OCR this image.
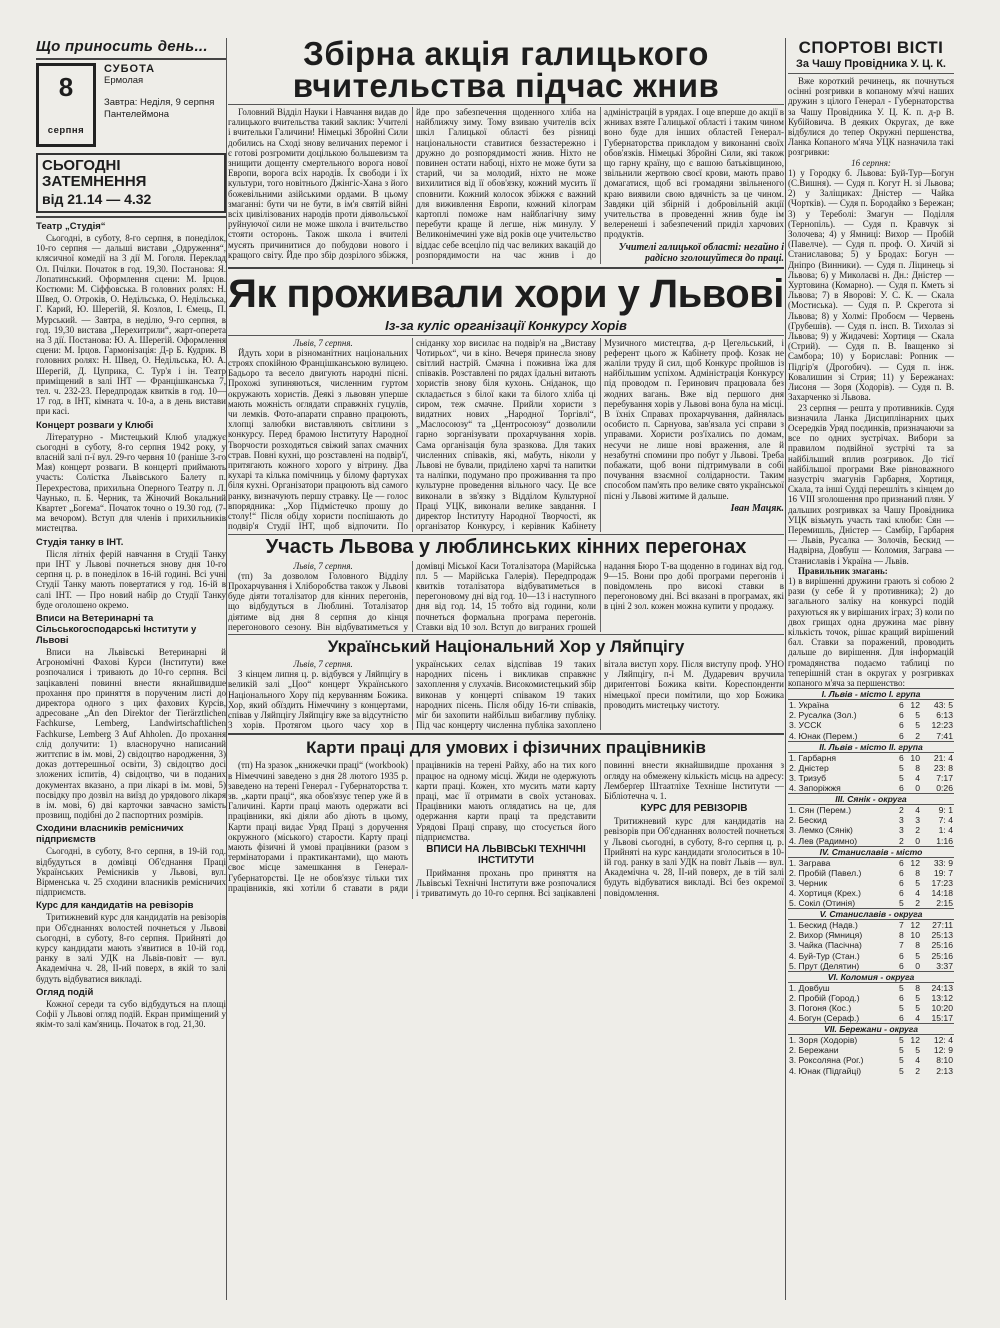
Що приносить день...
8
серпня
СУБОТА
Ермолая
Завтра: Неділя, 9 серпня
Пантелеймона
СЬОГОДНІ
ЗАТЕМНЕННЯ
від 21.14 — 4.32
Театр „Студія“
Сьогодні, в суботу, 8-го серпня, в понеділок, 10-го серпня — дальші вистави „Одруження“, клясичної комедії на 3 дії М. Гоголя. Переклад Ол. Пчілки. Початок в год. 19,30. Постанова: Я. Лопатинський. Оформлення сцени: М. Ірцов. Костюми: М. Сіффовська. В головних ролях: Н. Швед, О. Отроків, О. Недільська, О. Недільська, Г. Карий, Ю. Шерегій, Я. Козлов, І. Ємець, П. Мурський. — Завтра, в неділю, 9-го серпня, в год. 19,30 вистава „Перехитрили“, жарт-оперета на 3 дії. Постанова: Ю. А. Шерегій. Оформлення сцени: М. Ірцов. Гармонізація: Д-р Б. Кудрик. В головних ролях: Н. Швед, О. Недільська, Ю. А. Шерегій, Д. Цуприка, С. Тур'я і ін. Театр приміщений в залі ІНТ — Францішканська 7, тел. ч. 232-23. Передпродаж квитків в год. 10—17 год. в ІНТ, кімната ч. 10-а, а в день вистави при касі.
Концерт розваги у Клюбі
Літературно - Мистецький Клюб уладжує сьогодні в суботу, 8-го серпня 1942 року, у власній залі п-ї вул. 29-го червня 10 (раніше 3-го Мая) концерт розваги. В концерті приймають участь: Солістка Львівського Балету п. Перехрестова, прихильна Оперного Театру п. Л. Чаунько, п. Б. Черник, та Жіночий Вокальний Квартет „Богема“. Початок точно о 19.30 год. (7-ма вечором). Вступ для членів і прихильників мистецтва.
Студія танку в ІНТ.
Після літніх ферій навчання в Студії Танку при ІНТ у Львові почнеться знову дня 10-го серпня ц. р. в понеділок в 16-ій годині. Всі учні Студії Танку мають повертатися у год. 16-ій в салі ІНТ. — Про новий набір до Студії Танку буде оголошено окремо.
Вписи на Ветеринарні та Сільськогосподарські Інститути у Львові
Вписи на Львівські Ветеринарні й Агрономічні Фахові Курси (Інститути) вже розпочалися і тривають до 10-го серпня. Всі зацікавлені повинні внести якнайшвидше прохання про приняття в порученим листі до директора одного з цих фахових Курсів, адресоване „An den Direktor der Tierärztlichen Fachkurse, Lemberg, Landwirtschaftlichen Fachkurse, Lemberg 3 Auf Ahholen. До прохання слід долучити: 1) власноручно написаний життєпис в ім. мові, 2) свідоцтво народження, 3) доказ доттерешньої освіти, 3) свідоцтво досі зложених іспитів, 4) свідоцтво, чи в поданих документах вказано, а при лікарі в ім. мові, 5) посвідку про дозвіл на виїзд до урядового лікаря в ім. мові, 6) дві карточки завчасно замість прозвищ, подібні до 2 паспортних розмірів.
Сходини власників ремісничих підприємств
Сьогодні, в суботу, 8-го серпня, в 19-ій год. відбудуться в домівці Об'єднання Праці Українських Ремісників у Львові, вул. Вірменська ч. 25 сходини власників ремісничих підприємств.
Курс для кандидатів на ревізорів
Тритижневий курс для кандидатів на ревізорів при Об'єднаннях волостей почнеться у Львові сьогодні, в суботу, 8-го серпня. Прийняті до курсу кандидати мають з'явитися в 10-ій год. ранку в залі УДК на Львів-повіт — вул. Академічна ч. 28, ІІ-ий поверх, в якій то залі будуть відбуватися викладі.
Огляд подій
Кожної середи та субо відбудуться на площі Софії у Львові огляд подій. Екран приміщений у якім-то залі кам'яниць. Початок в год. 21,30.
Збірна акція галицького вчительства підчас жнив
Головний Відділ Науки і Навчання видав до галицького вчительства такий заклик: Учителі і вчительки Галичини! Німецькі Збройні Сили добились на Сході знову величаних перемог і є готові розгромити доцількою большевизм та знищити дощенту смертельного ворога нової Европи, ворога всіх народів. Їх свободи і їх культури, того новітнього Джінгіс-Хана з його божевільними азійськими ордами. В цьому змаганні: бути чи не бути, в ім'я святій війні всіх цивілізованих народів проти діявольської руйнуючої сили не може школа і вчительство стояти осторонь. Також школа і вчителі мусять причинитися до побудови нового і кращого світу. Йде про збір дозрілого збіжжя, йде про забезпечення щоденного хліба на найближчу зиму. Тому взиваю учителів всіх шкіл Галицької області без різниці національности ставитися беззастережно і дружно до розпорядимості жнив. Ніхто не повинен остати набоці, ніхто не може бути за старий, чи за молодий, ніхто не може вихилитися від її обов'язку, кожний мусить її сповнити. Кожний колосок збіжжя є важний для виживлення Европи, кожний кілограм картоплі поможе нам найблагічну зиму перебути краще й легше, ніж минулу. У Великонімечині уже від років оце учительство віддає себе всецілo під час великих вакацій до розпорядимости на час жнив і до адміністрацій в урядах. І оце вперше до акції в жнивах взяте Галицької області і таким чином воно буде для інших областей Генерал-Губернаторства прикладом у виконанні своїх обов'язків. Німецькі Збройні Сили, які також що гарну країну, що є вашою батьківщиною, звільнили жертвою своєї крови, мають право домагатися, щоб всі громадяни звільненого краю виявили свою вдячність за це чином. Завдяки цій збірній і добровільній акції учительства в проведенні жнив буде ім велеренеші і забезпечений приділ харчових продуктів.
Учителі галицької області: негайно і радісно зголошуйтеся до праці.
Як проживали хори у Львові
Із-за куліс організації Конкурсу Хорів
Львів, 7 серпня.
Йдуть хори в різноманітних національних строях спокійною Францішканською вулицею. Бадьоро та весело двигують народні пісні. Прохожі зупиняються, численним гуртом окружають хористів. Деякі з львовян уперше мають можність оглядати справжніх гуцулів, чи лемків. Фото-апарати справно працюють, хлопці залюбки виставляють світлини з конкурсу. Перед брамою Інституту Народної Творчости розходяться свіжий запах смачних страв. Повні кухні, що розставлені на подвір'ї, притягають кожного хорого у вітрину. Два кухарі та кілька помічниць у білому фартухах біля кухні. Організатори працюють від самого ранку, визначують першу стравку. Це — голос впорядника: „Хор Підмістечко прошу до столу!“ Після обіду хористи поспішають до подвір'я Студії ІНТ, щоб відпочити. По сніданку хор висилає на подвір'я на „Виставу Чотирьох“, чи в кіно. Вечеря принесла знову світлий настрій. Смачна і поживна їжа для співаків. Розставлені по рядах їдальні витають хористів знову біля кухонь. Сніданок, що складається з білої каки та білого хліба ці сиром, теж смачне. Прийли хористи з видатних нових „Народної Торгівлі“, „Маслосоюзу“ та „Центросоюзу“ дозволили гарно зорганізувати прохарчування хорів. Сама організація була зразкова. Для таких численних співаків, які, мабуть, ніколи у Львові не бували, приділено харчі та напитки та наліпки, подумано про проживання та про культурне проведення вільного часу. Це все виконали в зв'язку з Відділом Культурної Праці УЦК, виконали велике завдання. І директор Інституту Народної Творчості, як організатор Конкурсу, і керівник Кабінету Музичного мистецтва, д-р Цегельський, і референт цього ж Кабінету проф. Козак не жаліли труду й сил, щоб Конкурс пройшов із найбільшим успіхом. Адміністрація Конкурсу під проводом п. Геринович працювала без жодних вагань. Вже від першого дня перебування хорів у Львові вона була на місці. В їхніх Справах прохарчування, дайнялась особисто п. Сарнуова, зав'язала усі справи з управами. Хористи роз'їхались по домам, несучи не лише нові враження, але й незабутні спомини про побут у Львові. Треба побажати, щоб вони підтримували в собі почування взаємної солідарности. Таким способом пам'ять про велике свято української пісні у Львові житиме й дальше.
Іван Мацяк.
Участь Львова у люблинських кінних перегонах
Львів, 7 серпня.
(тп) За дозволом Головного Відділу Прохарчування і Хліборобства також у Львові буде діяти тоталізатор для кінних перегонів, що відбудуться в Люблині. Тоталізатор діятиме від дня 8 серпня до кінця перегонового сезону. Він відбуватиметься у домівці Міської Каси Тоталізатора (Марійська пл. 5 — Марійська Галерія). Передпродаж квитків тоталізатора відбуватиметься в перегоновому дні від год. 10—13 і наступного дня від год. 14, 15 тобто від години, коли почнеться формальна програма перегонів. Ставки від 10 зол. Вступ до виграних грошей надання Бюро Т-ва щоденно в годинах від год. 9—15. Вони про добі програми перегонів і повідомлень про високі ставки в перегоновому дні. Всі вказані в програмах, які в ціні 2 зол. кожен можна купити у продажу.
Український Національний Хор у Ляйпцігу
Львів, 7 серпня.
З кінцем липня ц. р. відбувся у Ляйпцігу в великій залі „Цоо“ концерт Українського Національного Хору під керуванням Божика. Хор, який обїздить Німеччину з концертами, співав у Ляйпцігу Ляйпцігу вже за відсутністю 3 хорів. Протягом цього часу хор в українських селах відспівав 19 таких народних пісень і викликав справжнє захоплення у слухачів. Високомистецький збір виконав у концерті співаком 19 таких народних пісень. Після обіду 16-ти співаків, міг би захопити найбільш вибагливу публіку. Під час концерту численна публіка захоплено вітала виступ хору. Після виступу проф. УНО у Ляйпцігу, п-і М. Дударевич вручила дириґентові Божика квіти. Кореспонденти німецької преси помітили, що хор Божика проводить мистецьку чистоту.
Карти праці для умових і фізичних працівників
(тп) На зразок „книжечки праці“ (workbook) в Німеччині заведено з дня 28 лютого 1935 р. заведено на терені Генерал - Губернаторства т. зв. „карти праці“, яка обов'язує тепер уже й в Галичині. Карти праці мають одержати всі працівники, які діяли або діють в цьому, Карти праці видає Уряд Праці з доручення окружного (міського) старости. Карту праці мають фізичні й умові працівники (разом з термінаторами і практикантами), що мають своє місце замешкання в Генерал-Губернаторстві. Це не обов'язує тільки тих працівників, які хотіли б ставати в ряди працівників на терені Райху, або на тих кого працює на одному місці. Жиди не одержують карти праці. Кожен, хто мусить мати карту праці, має її отримати в своїх установах. Працівники мають оглядатись на це, для одержання карти праці та представити Урядові Праці справу, що стосується його підприємства.
ВПИСИ НА ЛЬВІВСЬКІ ТЕХНІЧНІ ІНСТИТУТИ
Приймання прохань про приняття на Львівські Технічні Інститути вже розпочалися і триватимуть до 10-го серпня. Всі зацікавлені повинні внести якнайшвидше прохання з огляду на обмежену кількість місць на адресу: Лемберґер Штаатліхе Техніше Інститути — Бібліотечна ч. 1.
КУРС ДЛЯ РЕВІЗОРІВ
Тритижневий курс для кандидатів на ревізорів при Об'єднаннях волостей почнеться у Львові сьогодні, в суботу, 8-го серпня ц. р. Прийняті на курс кандидати зголоситься в 10-ій год. ранку в залі УДК на повіт Львів — вул. Академічна ч. 28, ІІ-ий поверх, де в тій залі будуть відбуватися викладі. Всі без окремої повідомлення.
СПОРТОВІ ВІСТІ
За Чашу Провідника У. Ц. К.
Вже короткий речинець, як почнуться осінні розгривки в копаному м'ячі наших дружин з цілого Генерал - Губернаторства за Чашу Провідника У. Ц. К. п. д-р В. Кубійовича. В деяких Округах, де вже відбулися до тепер Окружні першенства, Ланка Копаного м'яча УЦК назначила такі розгривки:
16 серпня:
1) у Городку б. Львова: Буй-Тур—Богун (С.Вишня). — Судя п. Когут Н. зі Львова; 2) у Заліщиках: Дністер — Чайка (Чортків). — Судя п. Бородайко з Бережан; 3) у Тереболі: Змагун — Поділля (Тернопіль). — Судя п. Кравчук зі Золочева; 4) у Ямниці: Вихор — Пробій (Павелче). — Судя п. проф. О. Хичій зі Станиславова; 5) у Бродах: Богун — Дніпро (Винники). — Судя п. Ліцинець зі Львова; 6) у Миколаєві н. Дн.: Дністер — Хуртовина (Комарно). — Судя п. Кметь зі Львова; 7) в Яворові: У. С. К. — Скала (Мостиська). — Судя п. Р. Скрегота зі Львова; 8) у Холмі: Пробоєм — Червень (Грубешів). — Судя п. інсп. В. Тихолаз зі Львова; 9) у Жидачеві: Хортиця — Скала (Стрий). — Судя п. В. Іващенко зі Самбора; 10) у Бориславі: Ропник — Підгір'я (Дрогобич). — Судя п. інж. Ковалишин зі Стрия; 11) у Бережанах: Лисоня — Зоря (Ходорів). — Судя п. В. Захарченко зі Львова.
23 серпня — решта у противників. Судя визначила Ланка Дисциплінарних цьих Осередків Уряд поєдинків, призначаючи за все по одних зустрічах. Вибори за правилом подвійної зустрічі та за найбільший вплив розгривок. До тієї найбільшої програми Вже рівноважного назустріч змагунів Гарбарня, Хортиця, Скала, та інші Судді перешліть з кінцем до 16 VIII зголошення про признаний плян. У дальших розгривках за Чашу Провідника УЦК візьмуть участь такі клюби: Сян — Перемишль, Дністер — Самбір, Гарбарня — Львів, Русалка — Золочів, Бескид — Надвірна, Довбуш — Коломия, Заграва — Станиславів і Україна — Львів.
Правильник змагань:
1) в вирішенні дружини грають зі собою 2 рази (у себе й у противника); 2) до загального заліку на конкурсі подій рахуються як у вирішаних іграх; 3) коли по двох грищах одна дружина має рівну кількість точок, рішає кращий вирішений бал. Ставки за поражений, проводить дальше до вирішення. Для інформацій громадянства подаємо таблиці по теперішній стан в округах у розгривках копаного м'яча за першенство:
І. Львів - місто І. група			
1. Україна	6	12	43: 5
2. Русалка (Зол.)	6	5	6:13
3. УССК	6	5	12:23
4. Юнак (Перем.)	6	2	7:41
ІІ. Львів - місто ІІ. група			
1. Гарбарня	6	10	21: 4
2. Дністер	5	8	23: 8
3. Тризуб	5	4	7:17
4. Запоріжжя	6	0	0:26
ІІІ. Сянік - округа			
1. Сян (Перем.)	2	4	9: 1
2. Бескид	3	3	7: 4
3. Лемко (Сянік)	3	2	1: 4
4. Лев (Радимно)	2	0	1:16
IV. Станиславів - місто			
1. Заграва	6	12	33: 9
2. Пробій (Павел.)	6	8	19: 7
3. Черник	6	5	17:23
4. Хортиця (Крех.)	6	4	14:18
5. Сокіл (Отинія)	5	2	2:15
V. Станиславів - округа			
1. Бескид (Надв.)	7	12	27:11
2. Вихор (Ямниця)	8	10	25:13
3. Чайка (Пасічна)	7	8	25:16
4. Буй-Тур (Стан.)	6	5	25:16
5. Прут (Делятин)	6	0	3:37
VI. Коломия - округа			
1. Довбуш	5	8	24:13
2. Пробій (Город.)	6	5	13:12
3. Погоня (Кос.)	5	5	10:20
4. Богун (Сераф.)	6	4	15:17
VII. Бережани - округа			
1. Зоря (Ходорів)	5	12	12: 4
2. Бережани	5	5	12: 9
3. Роксоляна (Рог.)	5	4	8:10
4. Юнак (Підгайці)	5	2	2:13
